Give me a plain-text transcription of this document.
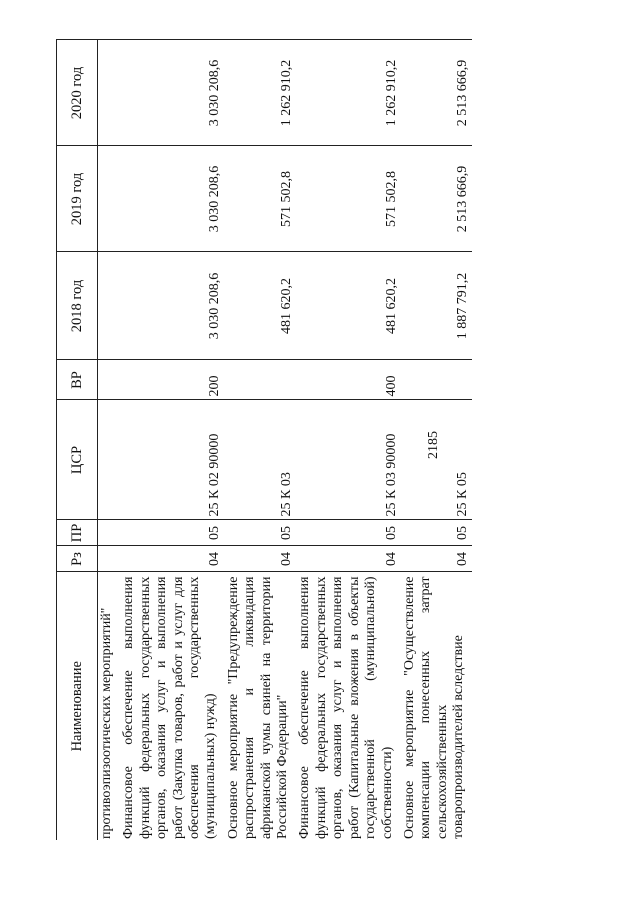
2185
Наименование	Рз	ПР	ЦСР	ВР	2018 год	2019 год	2020 год
противоэпизоотических мероприятий"							
Финансовое обеспечение выполнения функций федеральных государственных органов, оказания услуг и выполнения работ (Закупка товаров, работ и услуг для обеспечения государственных (муниципальных) нужд)	04	05	25 К 02 90000	200	3 030 208,6	3 030 208,6	3 030 208,6
Основное мероприятие "Предупреждение распространения и ликвидация африканской чумы свиней на территории Российской Федерации"	04	05	25 К 03		481 620,2	571 502,8	1 262 910,2
Финансовое обеспечение выполнения функций федеральных государственных органов, оказания услуг и выполнения работ (Капитальные вложения в объекты государственной (муниципальной) собственности)	04	05	25 К 03 90000	400	481 620,2	571 502,8	1 262 910,2
Основное мероприятие "Осуществление компенсации понесенных затрат сельскохозяйственных товаропроизводителей вследствие	04	05	25 К 05		1 887 791,2	2 513 666,9	2 513 666,9
